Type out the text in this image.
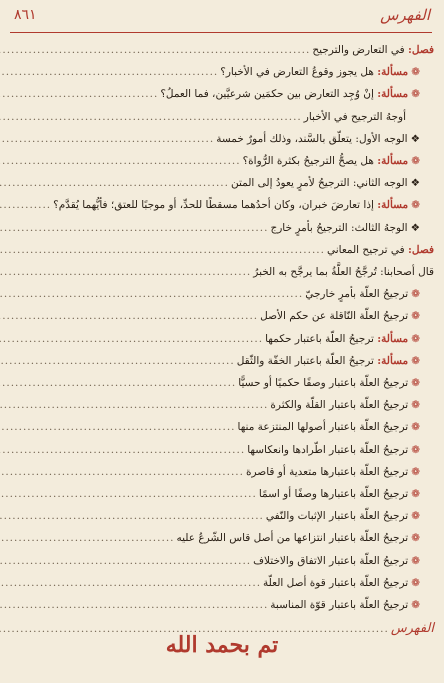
الفهرس
٨٦١
فصل: في التعارض والترجيح
.....
❁مسألة: هل يجوز وقوعُ التعارض في الأخبار؟
.....
❁مسألة: إنْ وُجِد التعارض بين حكمَين شرعيَّين، فما العملُ؟
.....
أوجهُ الترجيح في الأخبار
.....
❖الوجه الأول: يتعلّق بالسَّند، وذلك أمورٌ خمسة
.....
❁مسألة: هل يصحُّ الترجيحُ بكثرة الرُّواة؟
.....
❖الوجه الثاني: الترجيحُ لأمرٍ يعودُ إلى المتن
.....
❁مسألة: إذا تعارضَ خبران، وكان أحدُهما مسقطًا للحدِّ، أو موجبًا للعتق؛ فأيُّهما يُقدَّم؟
.....
❖الوجهُ الثالث: الترجيحُ بأمرٍ خارج
.....
فصل: في ترجيح المعاني
.....
قال أصحابنا: تُرجَّحُ العلَّةُ بما يرجَّح به الخبرُ
.....
❁ترجيحُ العلّة بأمرٍ خارجيّ
.....
❁ترجيحُ العلّة النّاقلة عن حكم الأصل
.....
❁مسألة: ترجيحُ العلّة باعتبار حكمها
.....
❁مسألة: ترجيحُ العلّة باعتبار الخفّة والثّقل
.....
❁ترجيحُ العلّة باعتبار وصفًا حكميًا أو حسيًّا
.....
❁ترجيحُ العلّة باعتبار القلّة والكثرة
.....
❁ترجيحُ العلّة باعتبار أصولها المنتزعة منها
.....
❁ترجيحُ العلّة باعتبار اطّرادها وانعكاسها
.....
❁ترجيحُ العلّة باعتبارها متعدية أو قاصرة
.....
❁ترجيحُ العلّة باعتبارها وصفًا أو اسمًا
.....
❁ترجيحُ العلّة باعتبار الإثبات والنّفي
.....
❁ترجيحُ العلّة باعتبار انتزاعها من أصل قاس الشّرعُ عليه
.....
❁ترجيحُ العلّة باعتبار الاتفاق والاختلاف
.....
❁ترجيحُ العلّة باعتبار قوة أصل العلّة
.....
❁ترجيحُ العلّة باعتبار قوّة المناسبة
.....
الفهرس
.....
تم بحمد الله
